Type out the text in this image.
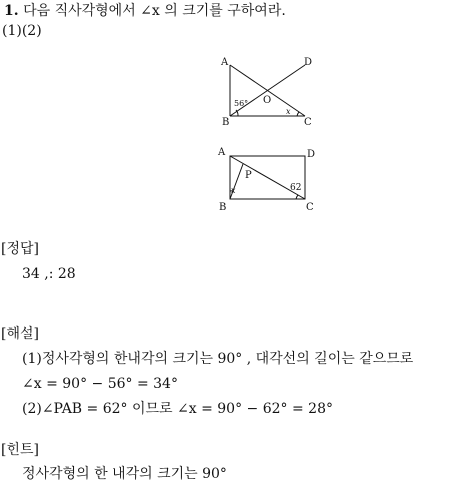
1. 다음 직사각형에서 ∠x 의 크기를 구하여라.
(1)(2)
A	D
B	C
O
56°
x
A	D
B	C
P
62
x
[정답]
34 ,: 28
[해설]
(1)정사각형의 한내각의 크기는 90° , 대각선의 길이는 같으므로
∠x = 90° − 56° = 34°
(2)∠PAB = 62° 이므로 ∠x = 90° − 62° = 28°
[힌트]
정사각형의 한 내각의 크기는 90°
